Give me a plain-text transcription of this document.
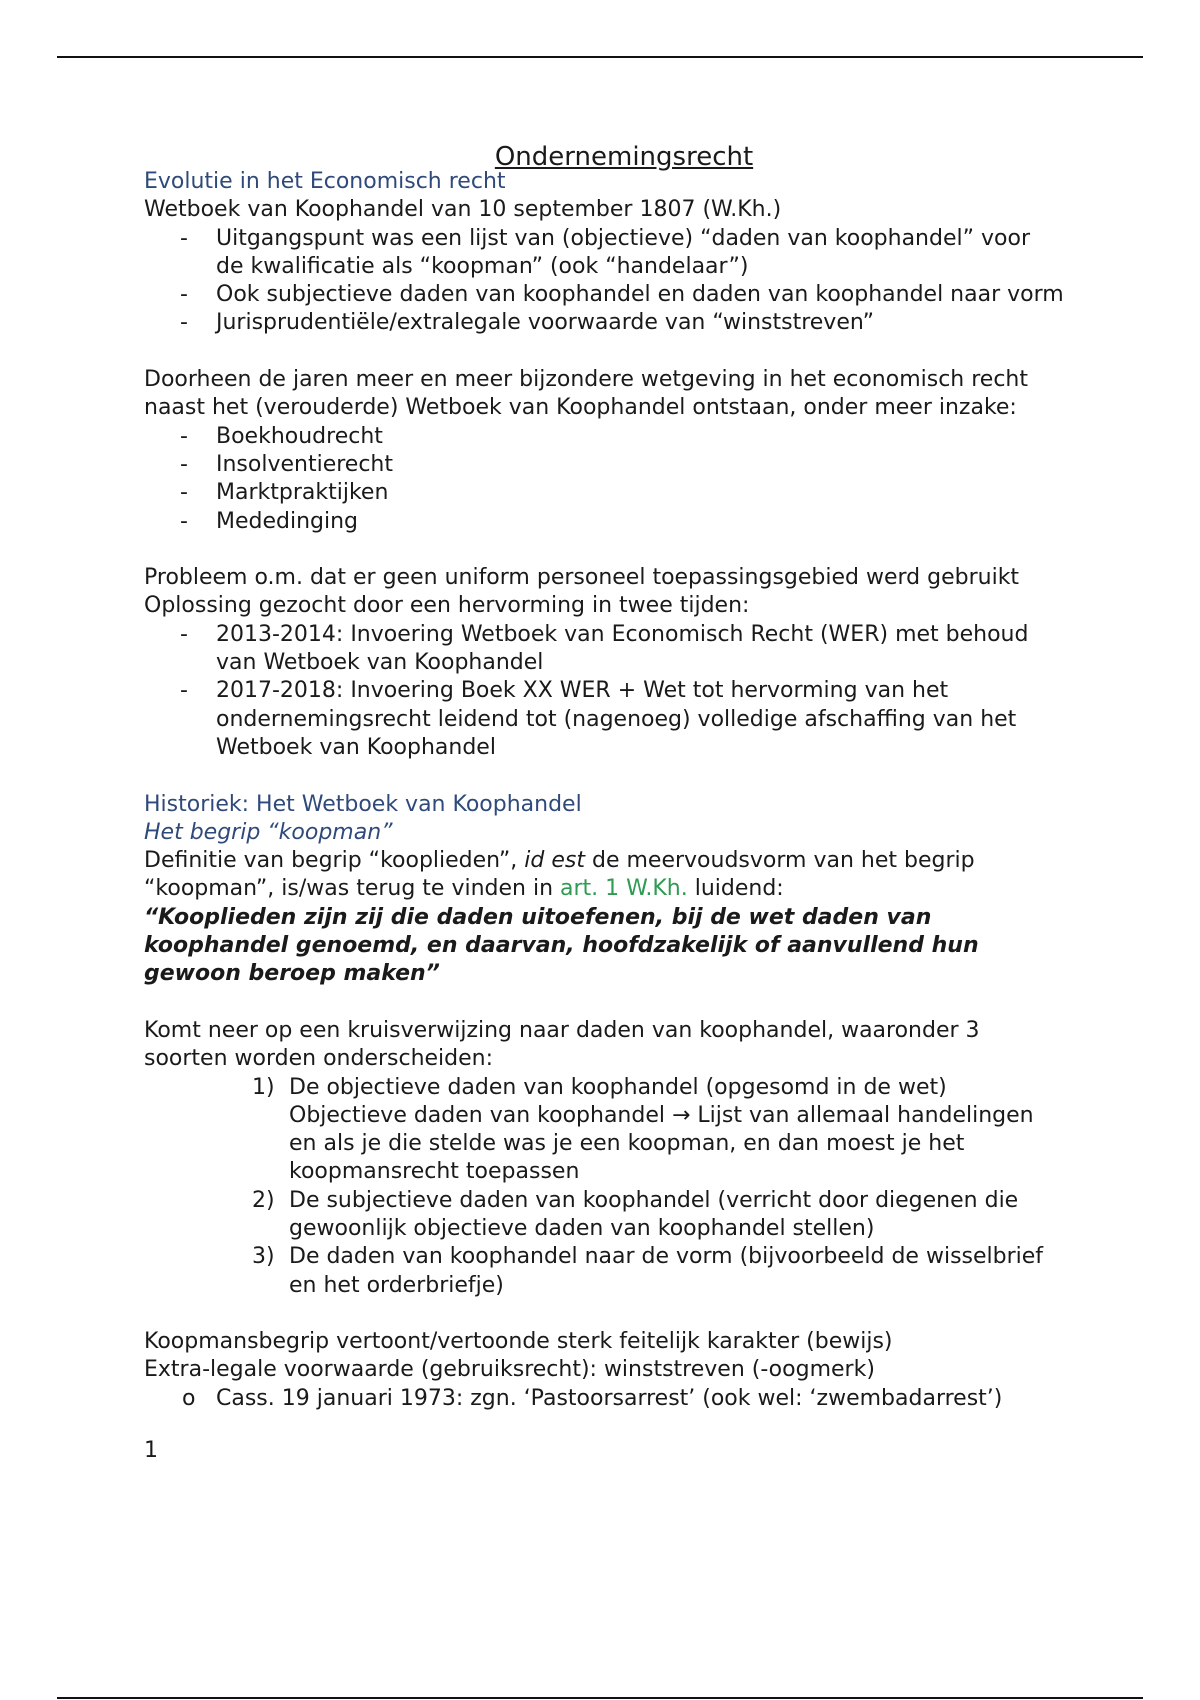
Ondernemingsrecht

Evolutie in het Economisch recht

Wetboek van Koophandel van 10 september 1807 (W.Kh.)

- Uitgangspunt was een lijst van (objectieve) “daden van koophandel” voor de kwalificatie als “koopman” (ook “handelaar”)
- Ook subjectieve daden van koophandel en daden van koophandel naar vorm
- Jurisprudentiële/extralegale voorwaarde van “winststreven”

Doorheen de jaren meer en meer bijzondere wetgeving in het economisch recht naast het (verouderde) Wetboek van Koophandel ontstaan, onder meer inzake:

- Boekhoudrecht
- Insolventierecht
- Marktpraktijken
- Mededinging

Probleem o.m. dat er geen uniform personeel toepassingsgebied werd gebruikt

Oplossing gezocht door een hervorming in twee tijden:

- 2013-2014: Invoering Wetboek van Economisch Recht (WER) met behoud van Wetboek van Koophandel
- 2017-2018: Invoering Boek XX WER + Wet tot hervorming van het ondernemingsrecht leidend tot (nagenoeg) volledige afschaffing van het Wetboek van Koophandel

Historiek: Het Wetboek van Koophandel

Het begrip “koopman”

Definitie van begrip “kooplieden”, id est de meervoudsvorm van het begrip “koopman”, is/was terug te vinden in art. 1 W.Kh. luidend:

“Kooplieden zijn zij die daden uitoefenen, bij de wet daden van koophandel genoemd, en daarvan, hoofdzakelijk of aanvullend hun gewoon beroep maken”

Komt neer op een kruisverwijzing naar daden van koophandel, waaronder 3 soorten worden onderscheiden:

1) De objectieve daden van koophandel (opgesomd in de wet) Objectieve daden van koophandel → Lijst van allemaal handelingen en als je die stelde was je een koopman, en dan moest je het koopmansrecht toepassen
2) De subjectieve daden van koophandel (verricht door diegenen die gewoonlijk objectieve daden van koophandel stellen)
3) De daden van koophandel naar de vorm (bijvoorbeeld de wisselbrief en het orderbriefje)

Koopmansbegrip vertoont/vertoonde sterk feitelijk karakter (bewijs)

Extra-legale voorwaarde (gebruiksrecht): winststreven (-oogmerk)

o Cass. 19 januari 1973: zgn. ‘Pastoorsarrest’ (ook wel: ‘zwembadarrest’)

1
